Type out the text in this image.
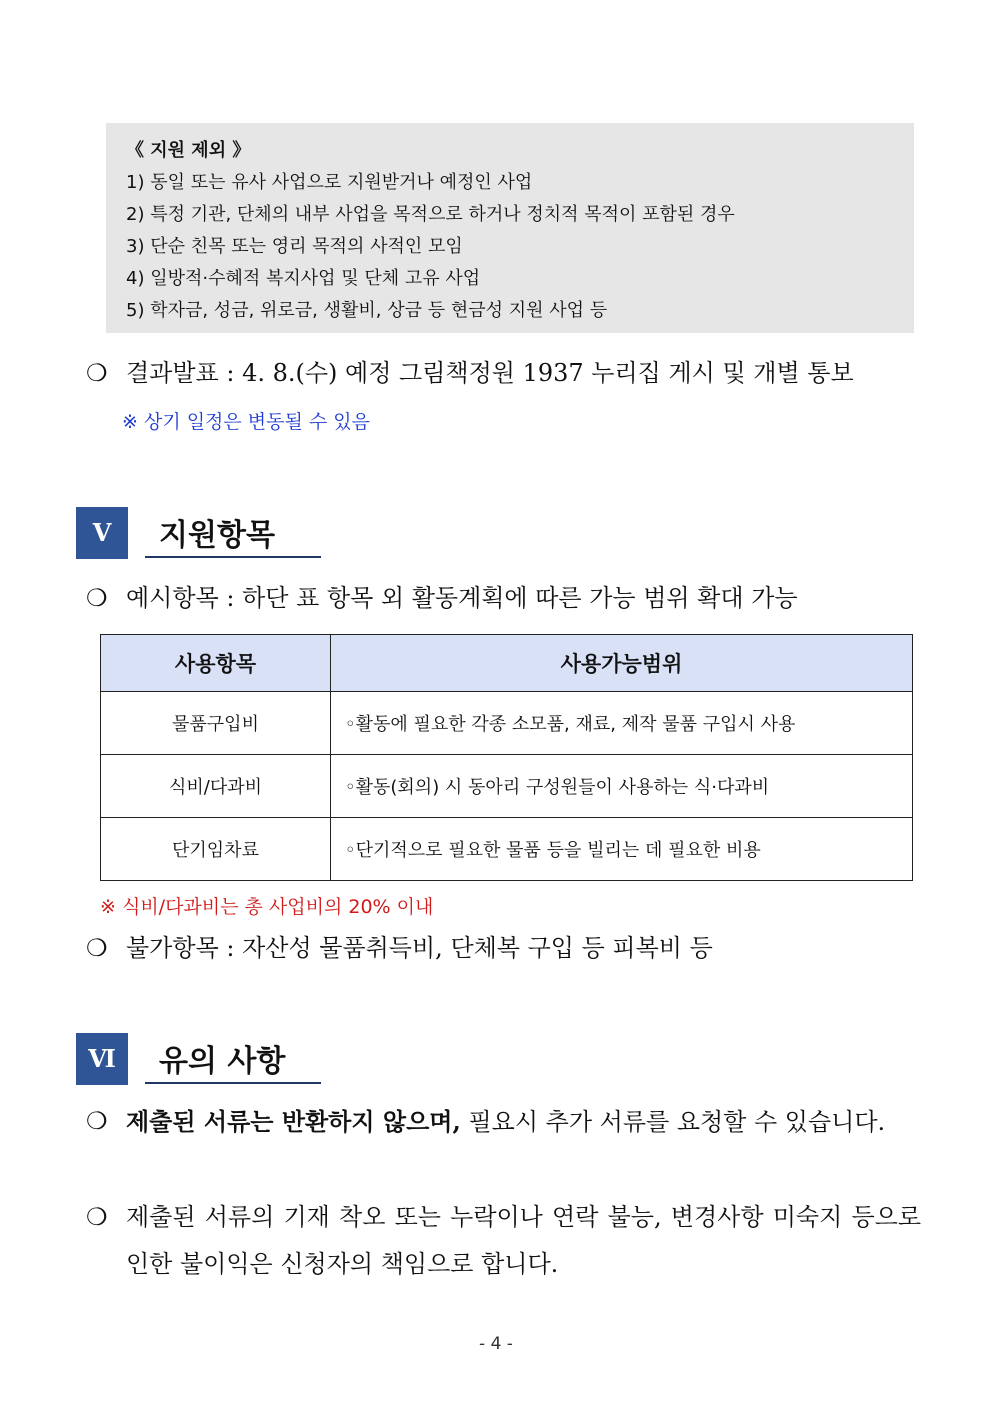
《 지원 제외 》
1) 동일 또는 유사 사업으로 지원받거나 예정인 사업
2) 특정 기관, 단체의 내부 사업을 목적으로 하거나 정치적 목적이 포함된 경우
3) 단순 친목 또는 영리 목적의 사적인 모임
4) 일방적·수혜적 복지사업 및 단체 고유 사업
5) 학자금, 성금, 위로금, 생활비, 상금 등 현금성 지원 사업 등
❍ 결과발표 : 4. 8.(수) 예정 그림책정원 1937 누리집 게시 및 개별 통보
※ 상기 일정은 변동될 수 있음
Ⅴ	지원항목
❍ 예시항목 : 하단 표 항목 외 활동계획에 따른 가능 범위 확대 가능
사용항목	사용가능범위
물품구입비	◦활동에 필요한 각종 소모품, 재료, 제작 물품 구입시 사용
식비/다과비	◦활동(회의) 시 동아리 구성원들이 사용하는 식·다과비
단기임차료	◦단기적으로 필요한 물품 등을 빌리는 데 필요한 비용
※ 식비/다과비는 총 사업비의 20% 이내
❍ 불가항목 : 자산성 물품취득비, 단체복 구입 등 피복비 등
Ⅵ	유의 사항
❍ 제출된 서류는 반환하지 않으며, 필요시 추가 서류를 요청할 수 있습니다.
❍ 제출된 서류의 기재 착오 또는 누락이나 연락 불능, 변경사항 미숙지 등으로 인한 불이익은 신청자의 책임으로 합니다.
- 4 -
